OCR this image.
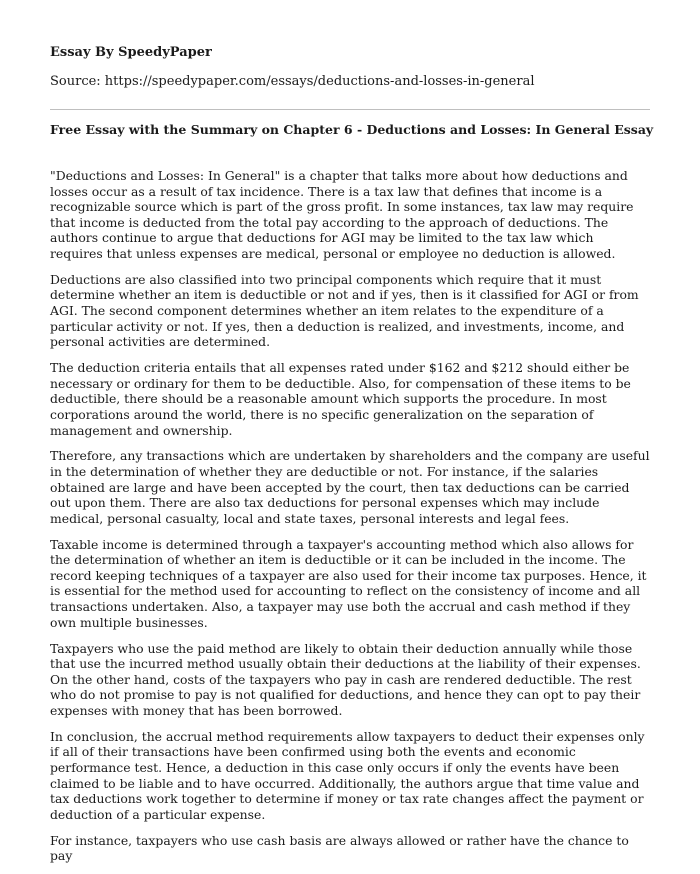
Essay By SpeedyPaper
Source: https://speedypaper.com/essays/deductions-and-losses-in-general
Free Essay with the Summary on Chapter 6 - Deductions and Losses: In General Essay

"Deductions and Losses: In General" is a chapter that talks more about how deductions and losses occur as a result of tax incidence. There is a tax law that defines that income is a recognizable source which is part of the gross profit. In some instances, tax law may require that income is deducted from the total pay according to the approach of deductions. The authors continue to argue that deductions for AGI may be limited to the tax law which requires that unless expenses are medical, personal or employee no deduction is allowed.

Deductions are also classified into two principal components which require that it must determine whether an item is deductible or not and if yes, then is it classified for AGI or from AGI. The second component determines whether an item relates to the expenditure of a particular activity or not. If yes, then a deduction is realized, and investments, income, and personal activities are determined.

The deduction criteria entails that all expenses rated under $162 and $212 should either be necessary or ordinary for them to be deductible. Also, for compensation of these items to be deductible, there should be a reasonable amount which supports the procedure. In most corporations around the world, there is no specific generalization on the separation of management and ownership.

Therefore, any transactions which are undertaken by shareholders and the company are useful in the determination of whether they are deductible or not. For instance, if the salaries obtained are large and have been accepted by the court, then tax deductions can be carried out upon them. There are also tax deductions for personal expenses which may include medical, personal casualty, local and state taxes, personal interests and legal fees.

Taxable income is determined through a taxpayer's accounting method which also allows for the determination of whether an item is deductible or it can be included in the income. The record keeping techniques of a taxpayer are also used for their income tax purposes. Hence, it is essential for the method used for accounting to reflect on the consistency of income and all transactions undertaken. Also, a taxpayer may use both the accrual and cash method if they own multiple businesses.

Taxpayers who use the paid method are likely to obtain their deduction annually while those that use the incurred method usually obtain their deductions at the liability of their expenses. On the other hand, costs of the taxpayers who pay in cash are rendered deductible. The rest who do not promise to pay is not qualified for deductions, and hence they can opt to pay their expenses with money that has been borrowed.

In conclusion, the accrual method requirements allow taxpayers to deduct their expenses only if all of their transactions have been confirmed using both the events and economic performance test. Hence, a deduction in this case only occurs if only the events have been claimed to be liable and to have occurred. Additionally, the authors argue that time value and tax deductions work together to determine if money or tax rate changes affect the payment or deduction of a particular expense.

For instance, taxpayers who use cash basis are always allowed or rather have the chance to pay
